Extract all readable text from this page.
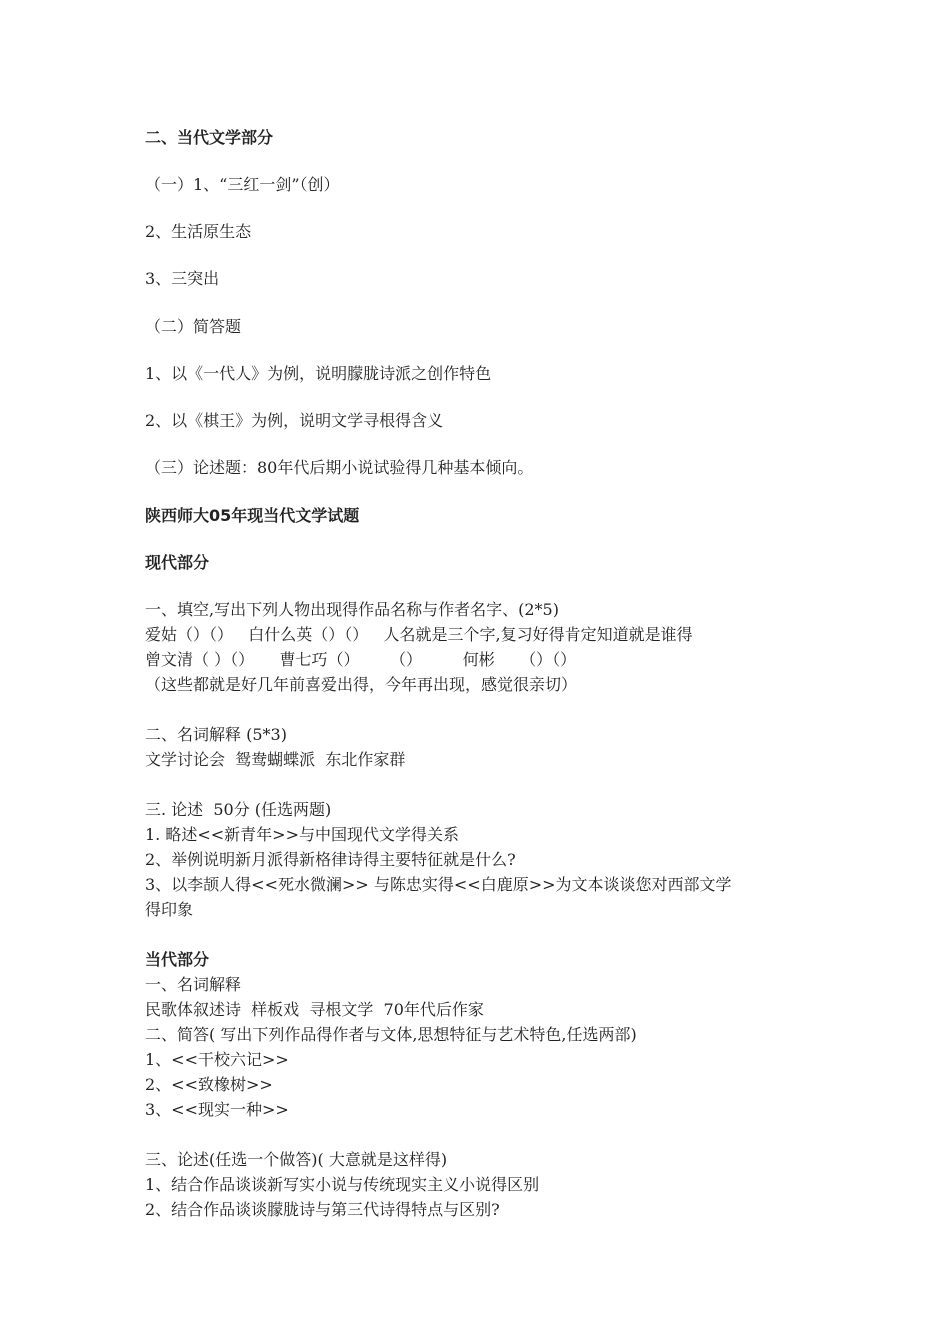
二、当代文学部分
（一）1、“三红一剑”（创）
2、生活原生态
3、三突出
（二）简答题
1、以《一代人》为例，说明朦胧诗派之创作特色
2、以《棋王》为例，说明文学寻根得含义
（三）论述题：80年代后期小说试验得几种基本倾向。
陕西师大05年现当代文学试题
现代部分
一、填空,写出下列人物出现得作品名称与作者名字、(2*5)
爱姑（）（）   白什么英（）（）   人名就是三个字,复习好得肯定知道就是谁得
曾文清（ ）（）     曹七巧（）      （）        何彬     （）（）
（这些都就是好几年前喜爱出得，今年再出现，感觉很亲切）
二、名词解释 (5*3)
文学讨论会  鸳鸯蝴蝶派  东北作家群
三. 论述  50分 (任选两题)
1. 略述<<新青年>>与中国现代文学得关系
2、举例说明新月派得新格律诗得主要特征就是什么?
3、以李颉人得<<死水微澜>> 与陈忠实得<<白鹿原>>为文本谈谈您对西部文学
得印象
当代部分
一、名词解释
民歌体叙述诗  样板戏  寻根文学  70年代后作家
二、简答( 写出下列作品得作者与文体,思想特征与艺术特色,任选两部)
1、<<干校六记>>
2、<<致橡树>>
3、<<现实一种>>
三、论述(任选一个做答)( 大意就是这样得)
1、结合作品谈谈新写实小说与传统现实主义小说得区别
2、结合作品谈谈朦胧诗与第三代诗得特点与区别?
